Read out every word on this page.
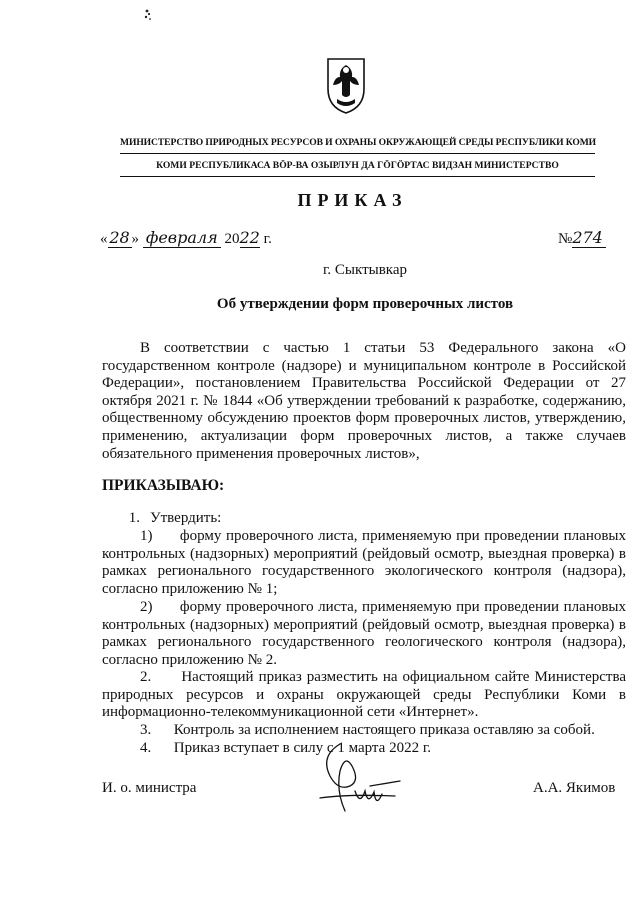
МИНИСТЕРСТВО ПРИРОДНЫХ РЕСУРСОВ И ОХРАНЫ ОКРУЖАЮЩЕЙ СРЕДЫ РЕСПУБЛИКИ КОМИ
КОМИ РЕСПУБЛИКАСА ВӦР-ВА ОЗЫРЛУН ДА ГӦГӦРТАС ВИДЗАН МИНИСТЕРСТВО
ПРИКАЗ
« 28 » февраля 2022 г.	№274
г. Сыктывкар
Об утверждении форм проверочных листов
В соответствии с частью 1 статьи 53 Федерального закона «О государственном контроле (надзоре) и муниципальном контроле в Российской Федерации», постановлением Правительства Российской Федерации от 27 октября 2021 г. № 1844 «Об утверждении требований к разработке, содержанию, общественному обсуждению проектов форм проверочных листов, утверждению, применению, актуализации форм проверочных листов, а также случаев обязательного применения проверочных листов»,
ПРИКАЗЫВАЮ:
1. Утвердить:
1) форму проверочного листа, применяемую при проведении плановых контрольных (надзорных) мероприятий (рейдовый осмотр, выездная проверка) в рамках регионального государственного экологического контроля (надзора), согласно приложению № 1;
2) форму проверочного листа, применяемую при проведении плановых контрольных (надзорных) мероприятий (рейдовый осмотр, выездная проверка) в рамках регионального государственного геологического контроля (надзора), согласно приложению № 2.
2. Настоящий приказ разместить на официальном сайте Министерства природных ресурсов и охраны окружающей среды Республики Коми в информационно-телекоммуникационной сети «Интернет».
3. Контроль за исполнением настоящего приказа оставляю за собой.
4. Приказ вступает в силу с 1 марта 2022 г.
И. о. министра	А.А. Якимов
